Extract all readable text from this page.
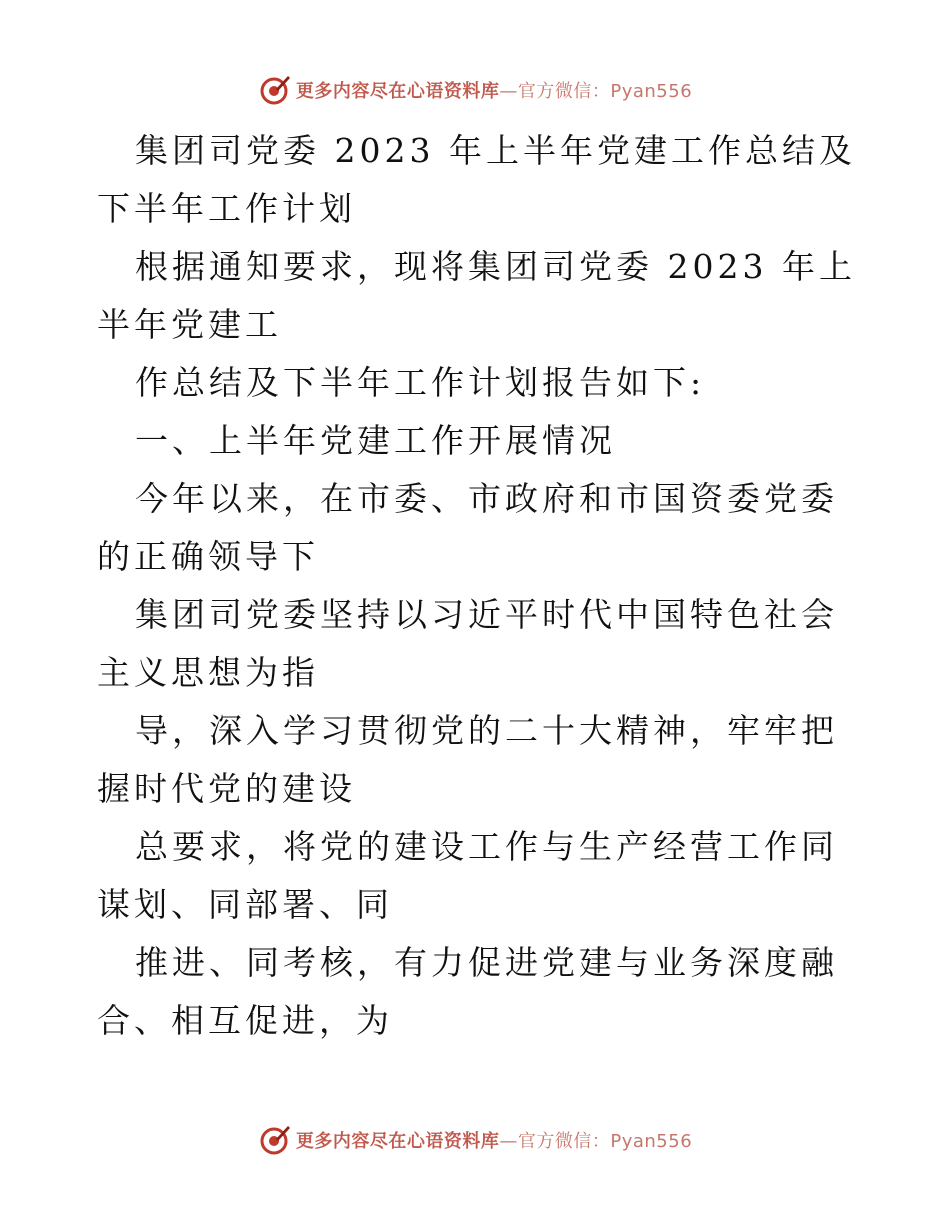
更多内容尽在心语资料库—官方微信：Pyan556

集团司党委 2023 年上半年党建工作总结及下半年工作计划

根据通知要求，现将集团司党委 2023 年上半年党建工

作总结及下半年工作计划报告如下:

一、上半年党建工作开展情况

今年以来，在市委、市政府和市国资委党委的正确领导下

集团司党委坚持以习近平时代中国特色社会主义思想为指

导，深入学习贯彻党的二十大精神，牢牢把握时代党的建设

总要求，将党的建设工作与生产经营工作同谋划、同部署、同

推进、同考核，有力促进党建与业务深度融合、相互促进，为

更多内容尽在心语资料库—官方微信：Pyan556
